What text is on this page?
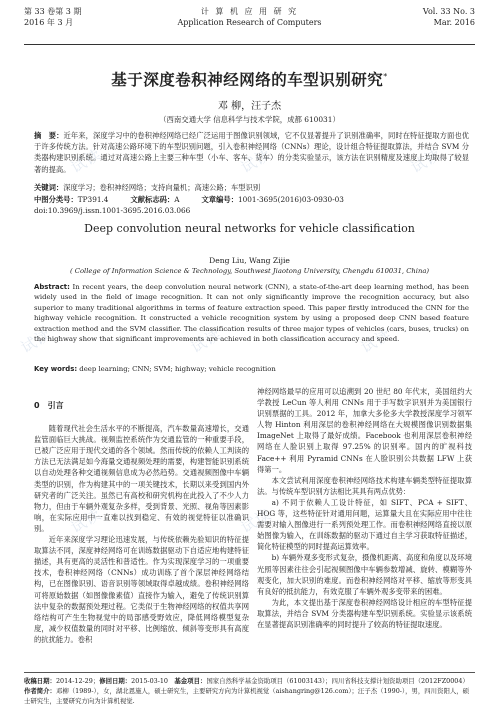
试读	试读	试读
试读	试读	试读
试读	试读	试读
第 33 卷第 3 期
2016 年 3 月
计 算 机 应 用 研 究
Application Research of Computers
Vol. 33 No. 3
Mar. 2016
基于深度卷积神经网络的车型识别研究*
邓 柳，汪子杰
（西南交通大学 信息科学与技术学院，成都 610031）
摘　要：近年来，深度学习中的卷积神经网络已经广泛运用于图像识别领域，它不仅显著提升了识别准确率，同时在特征提取方面也优于许多传统方法。针对高速公路环境下的车型识别问题，引入卷积神经网络（CNNs）理论，设计组合特征提取算法，并结合 SVM 分类器构建识别系统。通过对高速公路上主要三种车型（小车、客车、货车）的分类实验显示，该方法在识别精度及速度上均取得了较显著的提高。
关键词：深度学习；卷积神经网络；支持向量机；高速公路；车型识别
中图分类号：TP391.4	文献标志码：A	文章编号：1001-3695(2016)03-0930-03
doi:10.3969/j.issn.1001-3695.2016.03.066
Deep convolution neural networks for vehicle classification
Deng Liu, Wang Zijie
( College of Information Science & Technology, Southwest Jiaotong University, Chengdu 610031, China)
Abstract: In recent years, the deep convolution neural network (CNN), a state-of-the-art deep learning method, has been widely used in the field of image recognition. It can not only significantly improve the recognition accuracy, but also superior to many traditional algorithms in terms of feature extraction speed. This paper firstly introduced the CNN for the highway vehicle recognition. It constructed a vehicle recognition system by using a proposed deep CNN based feature extraction method and the SVM classifier. The classification results of three major types of vehicles (cars, buses, trucks) on the highway show that significant improvements are achieved in both classification accuracy and speed.
Key words: deep learning; CNN; SVM; highway; vehicle recognition
0　引言

随着现代社会生活水平的不断提高，汽车数量高速增长，交通监管面临巨大挑战。视频监控系统作为交通监管的一种重要手段，已被广泛应用于现代交通的各个领域。然而传统的依赖人工判读的方法已无法满足如今海量交通视频处理的需要，构建智能识别系统以自动处理各种交通视频信息成为必然趋势。交通视频图像中车辆类型的识别，作为构建其中的一项关键技术，长期以来受到国内外研究者的广泛关注。虽然已有高校和研究机构在此投入了不少人力物力，但由于车辆外观复杂多样，受到背景、光照、视角等因素影响，在实际应用中一直难以找到稳定、有效的视觉特征以准确识别。

近年来深度学习理论迅速发展，与传统依赖先验知识的特征提取算法不同，深度神经网络可在训练数据驱动下自适应地构建特征描述，具有更高的灵活性和普适性。作为实现深度学习的一项重要技术，卷积神经网络（CNNs）成功训练了首个深层神经网络结构，已在图像识别、语音识别等领域取得卓越成绩。卷积神经网络可将原始数据（如图像像素值）直接作为输入，避免了传统识别算法中复杂的数据预处理过程。它类似于生物神经网络的权值共享网络结构可产生生物视觉中的局部感受野效应，降低网络模型复杂度，减少权值数量的同时对平移、比例缩放、倾斜等变形具有高度的抗扰能力。卷积

神经网络最早的应用可以追溯到 20 世纪 80 年代末，美国纽约大学教授 LeCun 等人利用 CNNs 用于手写数字识别并为美国银行识别票据的工具。2012 年，加拿大多伦多大学教授深度学习领军人物 Hinton 利用深层的卷积神经网络在大规模图像识别数据集 ImageNet 上取得了最好成绩。Facebook 也利用深层卷积神经网络在人脸识别上取得 97.25% 的识别率。国内的旷视科技 Face++ 利用 Pyramid CNNs 在人脸识别公共数据 LFW 上获得第一。

本文尝试利用深度卷积神经网络技术构建车辆类型特征提取算法。与传统车型识别方法相比其具有两点优势：

a) 不同于依赖人工设计特征，如 SIFT、PCA + SIFT、HOG 等，这些特征针对通用问题，运算量大且在实际应用中往往需要对输入图像进行一系列预处理工作。而卷积神经网络直接以原始图像为输入，在训练数据的驱动下通过自主学习获取特征描述，简化特征模型的同时提高运算效率。

b) 车辆外观多变形式复杂，摄像机距离、高度和角度以及环境光照等因素往往会引起视频图像中车辆参数增减、旋转、模糊等外观变化，加大识别的难度。而卷积神经网络对平移、缩放等形变具有良好的抵抗能力，有效克服了车辆外观多变带来的困难。

为此，本文提出基于深度卷积神经网络设计相应的车型特征提取算法，并结合 SVM 分类器构建车型识别系统。实验显示该系统在显著提高识别准确率的同时提升了较高的特征提取速度。

收稿日期：2014-12-29；修回日期：2015-03-10　 基金项目：国家自然科学基金资助项目（61003143）；四川省科技支撑计划资助项目（2012FZ0004）
作者简介：邓柳（1989-），女，湖北恩施人，硕士研究生，主要研究方向为计算机视觉（aishangring@126.com）；汪子杰（1990-），男，四川资阳人，硕士研究生，主要研究方向为计算机视觉.
